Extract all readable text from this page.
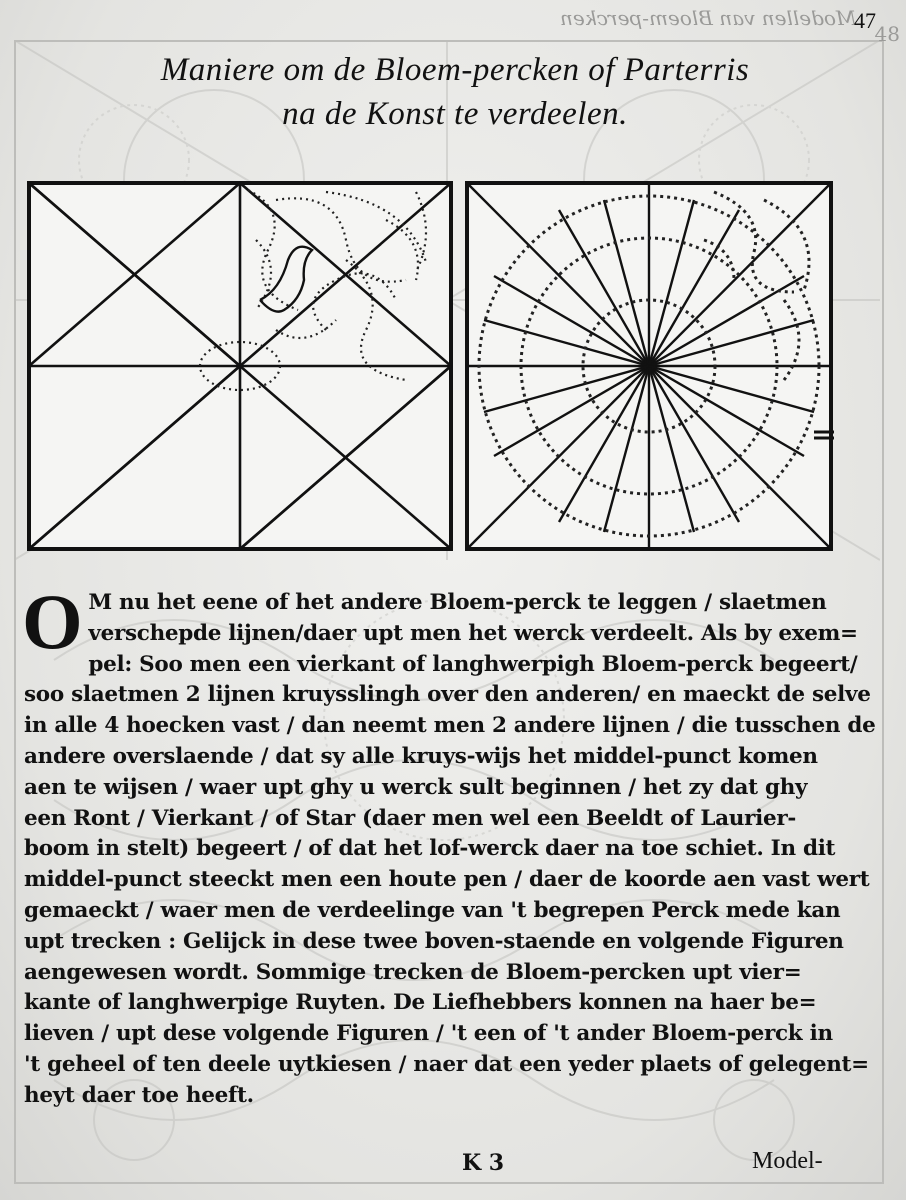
Modellen van Bloem-percken
48
47
Maniere om de Bloem-percken of Parterris
na de Konst te verdeelen.
O M nu het eene of het andere Bloem-perck te leggen / slaetmen
verschepde lijnen/daer upt men het werck verdeelt. Als by exem=
pel: Soo men een vierkant of langhwerpigh Bloem-perck begeert/
soo slaetmen 2 lijnen kruysslingh over den anderen/ en maeckt de selve
in alle 4 hoecken vast / dan neemt men 2 andere lijnen / die tusschen de
andere overslaende / dat sy alle kruys-wijs het middel-punct komen
aen te wijsen / waer upt ghy u werck sult beginnen / het zy dat ghy
een Ront / Vierkant / of Star (daer men wel een Beeldt of Laurier-
boom in stelt) begeert / of dat het lof-werck daer na toe schiet. In dit
middel-punct steeckt men een houte pen / daer de koorde aen vast wert
gemaeckt / waer men de verdeelinge van 't begrepen Perck mede kan
upt trecken : Gelijck in dese twee boven-staende en volgende Figuren
aengewesen wordt. Sommige trecken de Bloem-percken upt vier=
kante of langhwerpige Ruyten. De Liefhebbers konnen na haer be=
lieven / upt dese volgende Figuren / 't een of 't ander Bloem-perck in
't geheel of ten deele uytkiesen / naer dat een yeder plaets of gelegent=
heyt daer toe heeft.
K 3	Model-
